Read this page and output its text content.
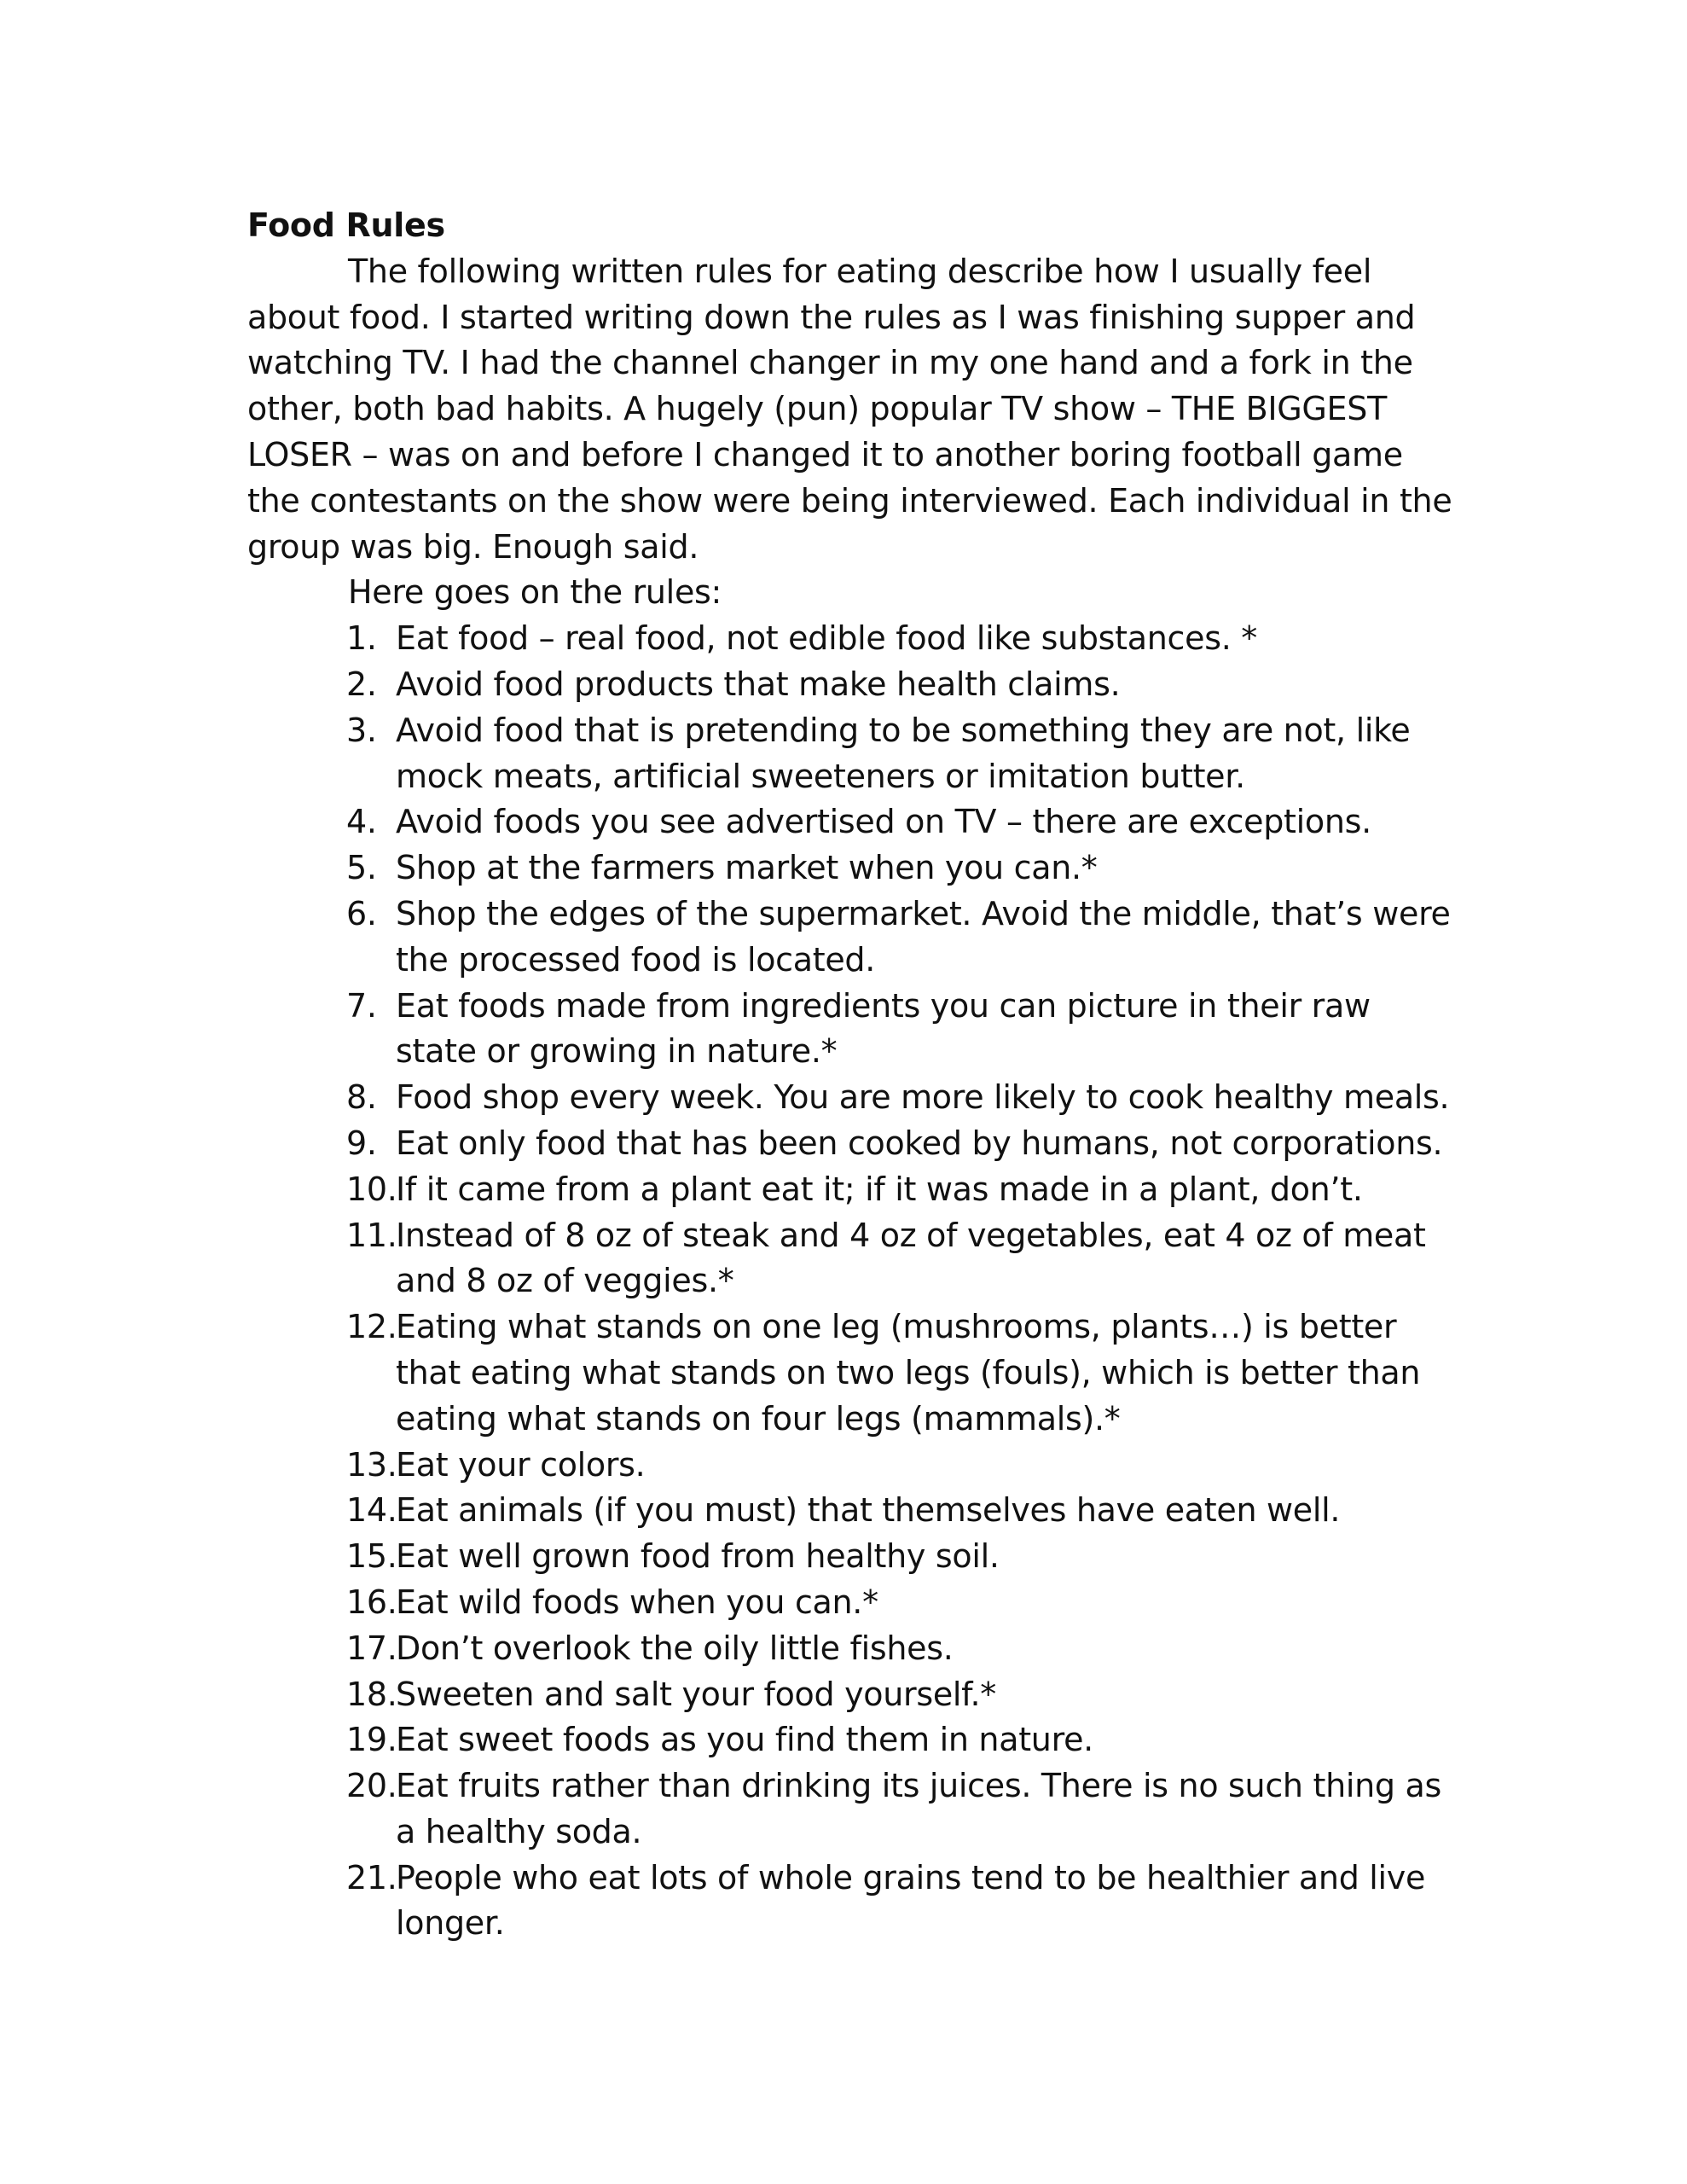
Food Rules

The following written rules for eating describe how I usually feel about food. I started writing down the rules as I was finishing supper and watching TV. I had the channel changer in my one hand and a fork in the other, both bad habits. A hugely (pun) popular TV show – THE BIGGEST LOSER – was on and before I changed it to another boring football game the contestants on the show were being interviewed. Each individual in the group was big. Enough said.

Here goes on the rules:

1. Eat food – real food, not edible food like substances. *
2. Avoid food products that make health claims.
3. Avoid food that is pretending to be something they are not, like mock meats, artificial sweeteners or imitation butter.
4. Avoid foods you see advertised on TV – there are exceptions.
5. Shop at the farmers market when you can.*
6. Shop the edges of the supermarket. Avoid the middle, that’s were the processed food is located.
7. Eat foods made from ingredients you can picture in their raw state or growing in nature.*
8. Food shop every week. You are more likely to cook healthy meals.
9. Eat only food that has been cooked by humans, not corporations.
10.
If it came from a plant eat it; if it was made in a plant, don’t.
11.
Instead of 8 oz of steak and 4 oz of vegetables, eat 4 oz of meat and 8 oz of veggies.*
12.
Eating what stands on one leg (mushrooms, plants…) is better that eating what stands on two legs (fouls), which is better than eating what stands on four legs (mammals).*
13.
Eat your colors.
14.
Eat animals (if you must) that themselves have eaten well.
15.
Eat well grown food from healthy soil.
16.
Eat wild foods when you can.*
17.
Don’t overlook the oily little fishes.
18.
Sweeten and salt your food yourself.*
19.
Eat sweet foods as you find them in nature.
20.
Eat fruits rather than drinking its juices. There is no such thing as a healthy soda.
21.
People who eat lots of whole grains tend to be healthier and live longer.
